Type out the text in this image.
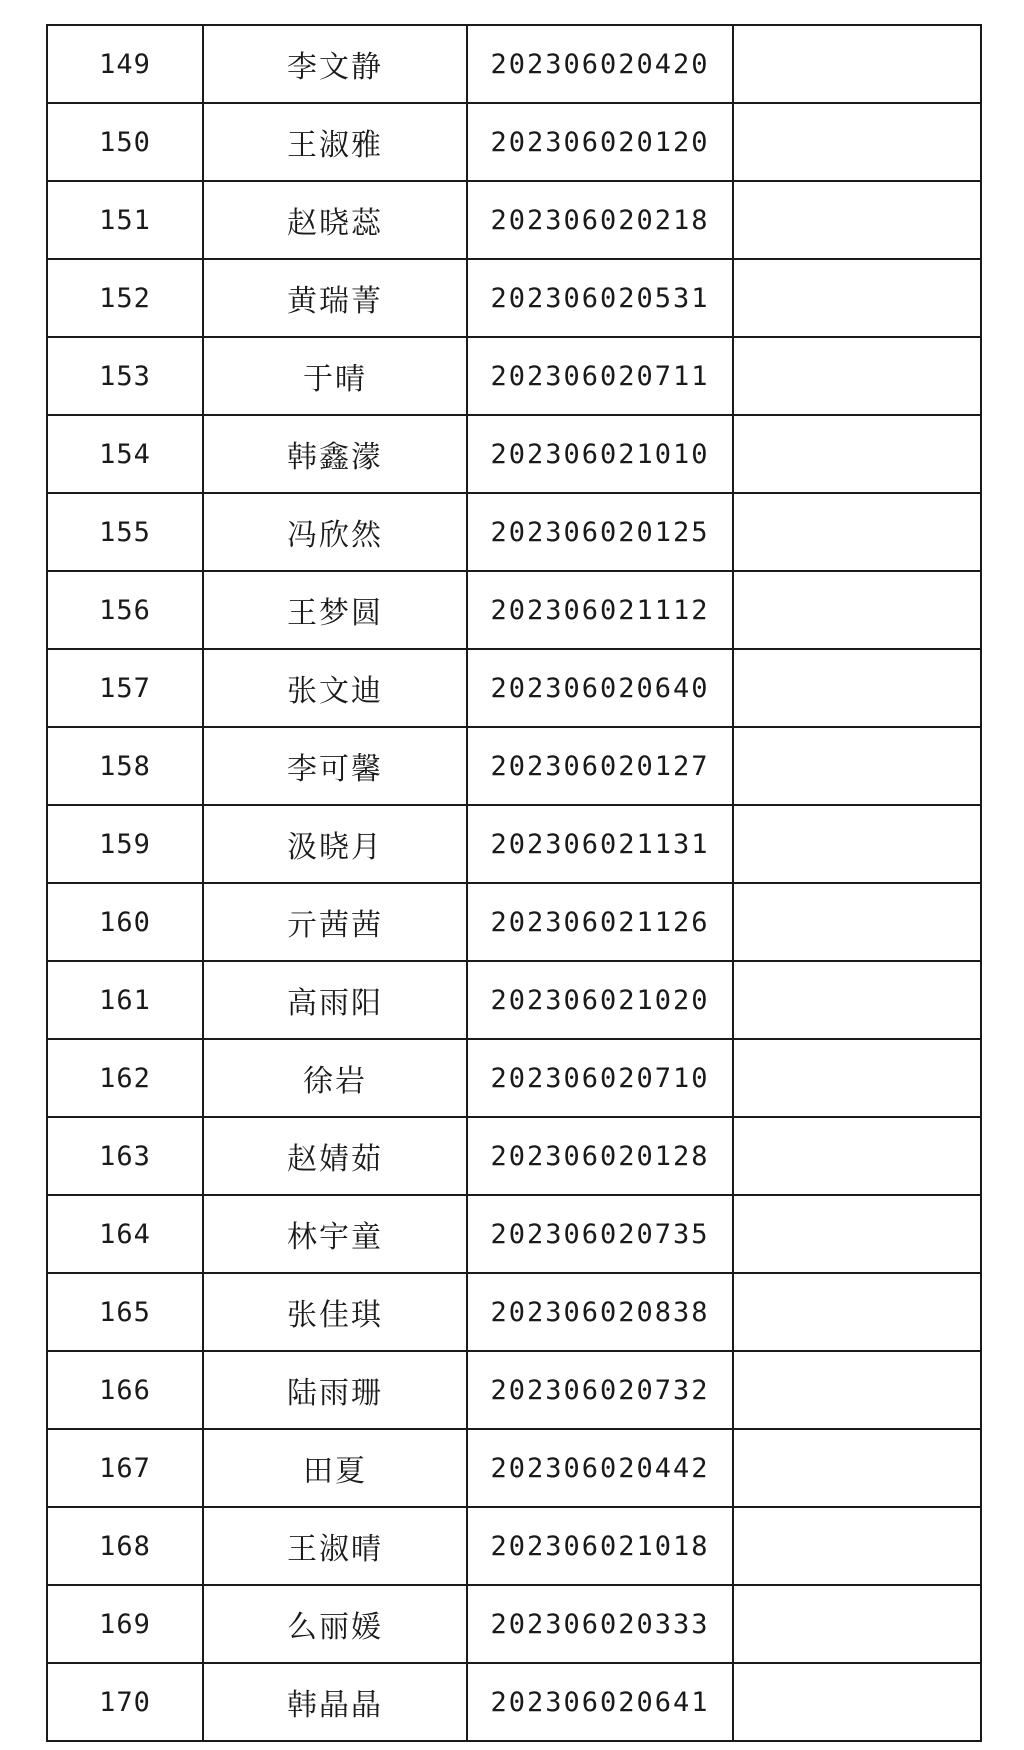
149	李文静	202306020420	
150	王淑雅	202306020120	
151	赵晓蕊	202306020218	
152	黄瑞菁	202306020531	
153	于晴	202306020711	
154	韩鑫濛	202306021010	
155	冯欣然	202306020125	
156	王梦圆	202306021112	
157	张文迪	202306020640	
158	李可馨	202306020127	
159	汲晓月	202306021131	
160	亓茜茜	202306021126	
161	高雨阳	202306021020	
162	徐岩	202306020710	
163	赵婧茹	202306020128	
164	林宇童	202306020735	
165	张佳琪	202306020838	
166	陆雨珊	202306020732	
167	田夏	202306020442	
168	王淑晴	202306021018	
169	么丽媛	202306020333	
170	韩晶晶	202306020641	
